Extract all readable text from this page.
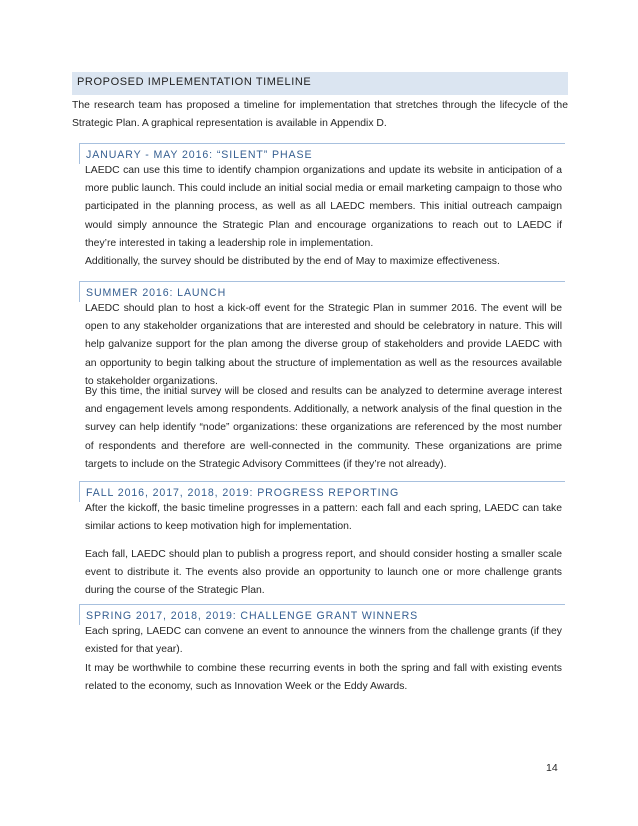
PROPOSED IMPLEMENTATION TIMELINE

The research team has proposed a timeline for implementation that stretches through the lifecycle of the Strategic Plan. A graphical representation is available in Appendix D.

JANUARY - MAY 2016: “SILENT” PHASE

LAEDC can use this time to identify champion organizations and update its website in anticipation of a more public launch. This could include an initial social media or email marketing campaign to those who participated in the planning process, as well as all LAEDC members. This initial outreach campaign would simply announce the Strategic Plan and encourage organizations to reach out to LAEDC if they’re interested in taking a leadership role in implementation.

Additionally, the survey should be distributed by the end of May to maximize effectiveness.

SUMMER 2016: LAUNCH

LAEDC should plan to host a kick-off event for the Strategic Plan in summer 2016. The event will be open to any stakeholder organizations that are interested and should be celebratory in nature. This will help galvanize support for the plan among the diverse group of stakeholders and provide LAEDC with an opportunity to begin talking about the structure of implementation as well as the resources available to stakeholder organizations.

By this time, the initial survey will be closed and results can be analyzed to determine average interest and engagement levels among respondents. Additionally, a network analysis of the final question in the survey can help identify “node” organizations: these organizations are referenced by the most number of respondents and therefore are well-connected in the community. These organizations are prime targets to include on the Strategic Advisory Committees (if they’re not already).

FALL 2016, 2017, 2018, 2019: PROGRESS REPORTING

After the kickoff, the basic timeline progresses in a pattern: each fall and each spring, LAEDC can take similar actions to keep motivation high for implementation.

Each fall, LAEDC should plan to publish a progress report, and should consider hosting a smaller scale event to distribute it. The events also provide an opportunity to launch one or more challenge grants during the course of the Strategic Plan.

SPRING 2017, 2018, 2019: CHALLENGE GRANT WINNERS

Each spring, LAEDC can convene an event to announce the winners from the challenge grants (if they existed for that year).

It may be worthwhile to combine these recurring events in both the spring and fall with existing events related to the economy, such as Innovation Week or the Eddy Awards.

14
